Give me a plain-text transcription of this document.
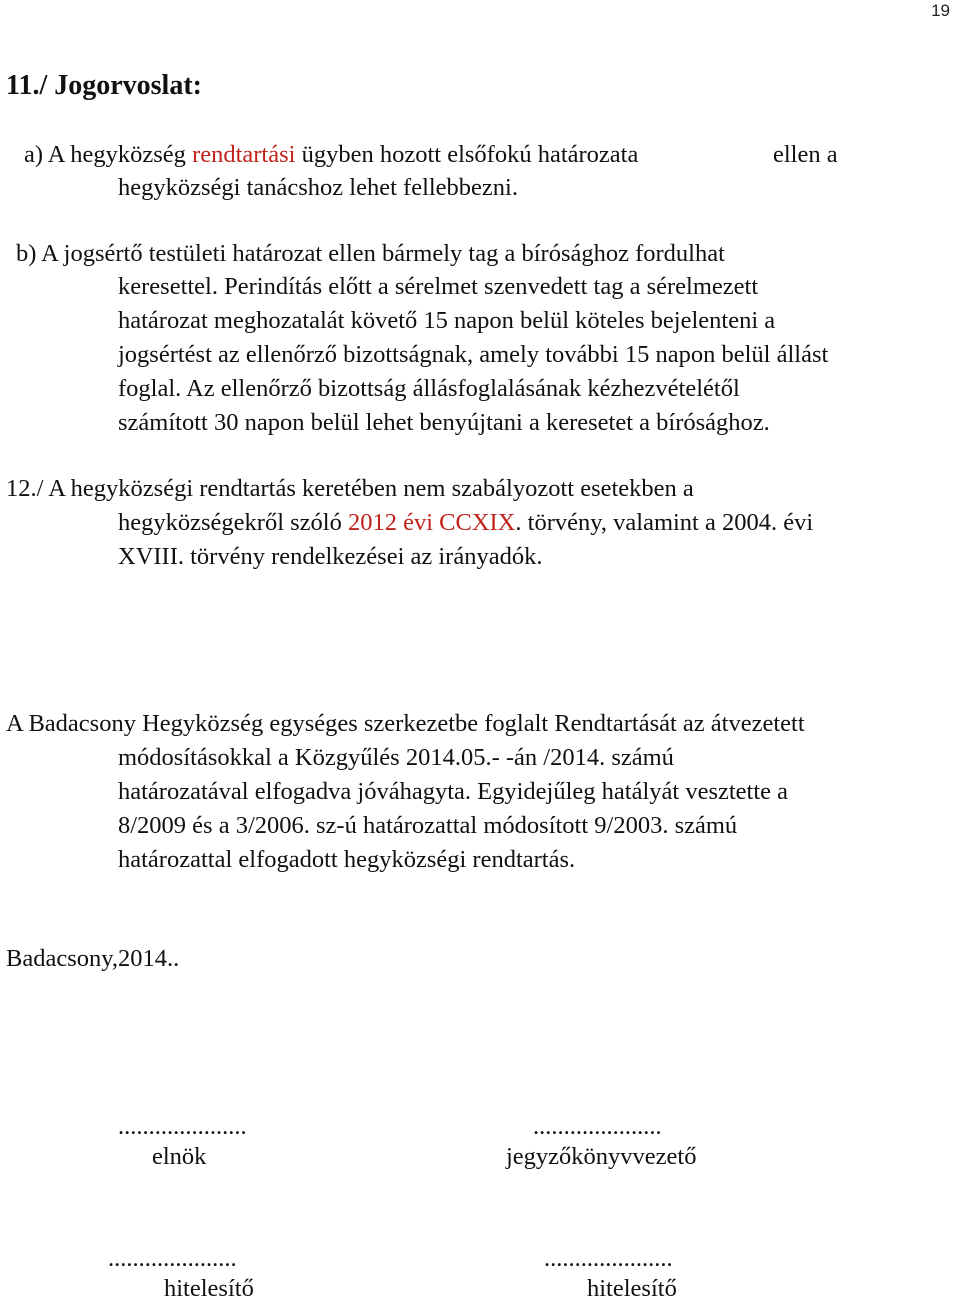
19
11./ Jogorvoslat:

a) A hegyközség rendtartási ügyben hozott elsőfokú határozata	ellen a

hegyközségi tanácshoz lehet fellebbezni.

b) A jogsértő testületi határozat ellen bármely tag a bírósághoz fordulhat

keresettel. Perindítás előtt a sérelmet szenvedett tag a sérelmezett

határozat meghozatalát követő 15 napon belül köteles bejelenteni a

jogsértést az ellenőrző bizottságnak, amely további 15 napon belül állást

foglal. Az ellenőrző bizottság állásfoglalásának kézhezvételétől

számított 30 napon belül lehet benyújtani a keresetet a bírósághoz.

12./ A hegyközségi rendtartás keretében nem szabályozott esetekben a

hegyközségekről szóló 2012 évi CCXIX. törvény, valamint a 2004. évi

XVIII. törvény rendelkezései az irányadók.

A Badacsony Hegyközség egységes szerkezetbe foglalt Rendtartását az átvezetett

módosításokkal a Közgyűlés 2014.05.- -án /2014. számú

határozatával elfogadva jóváhagyta. Egyidejűleg hatályát vesztette a

8/2009 és a 3/2006. sz-ú határozattal módosított 9/2003. számú

határozattal elfogadott hegyközségi rendtartás.

Badacsony,2014..

.....................
elnök
.....................
jegyzőkönyvvezető
.....................
hitelesítő
.....................
hitelesítő
